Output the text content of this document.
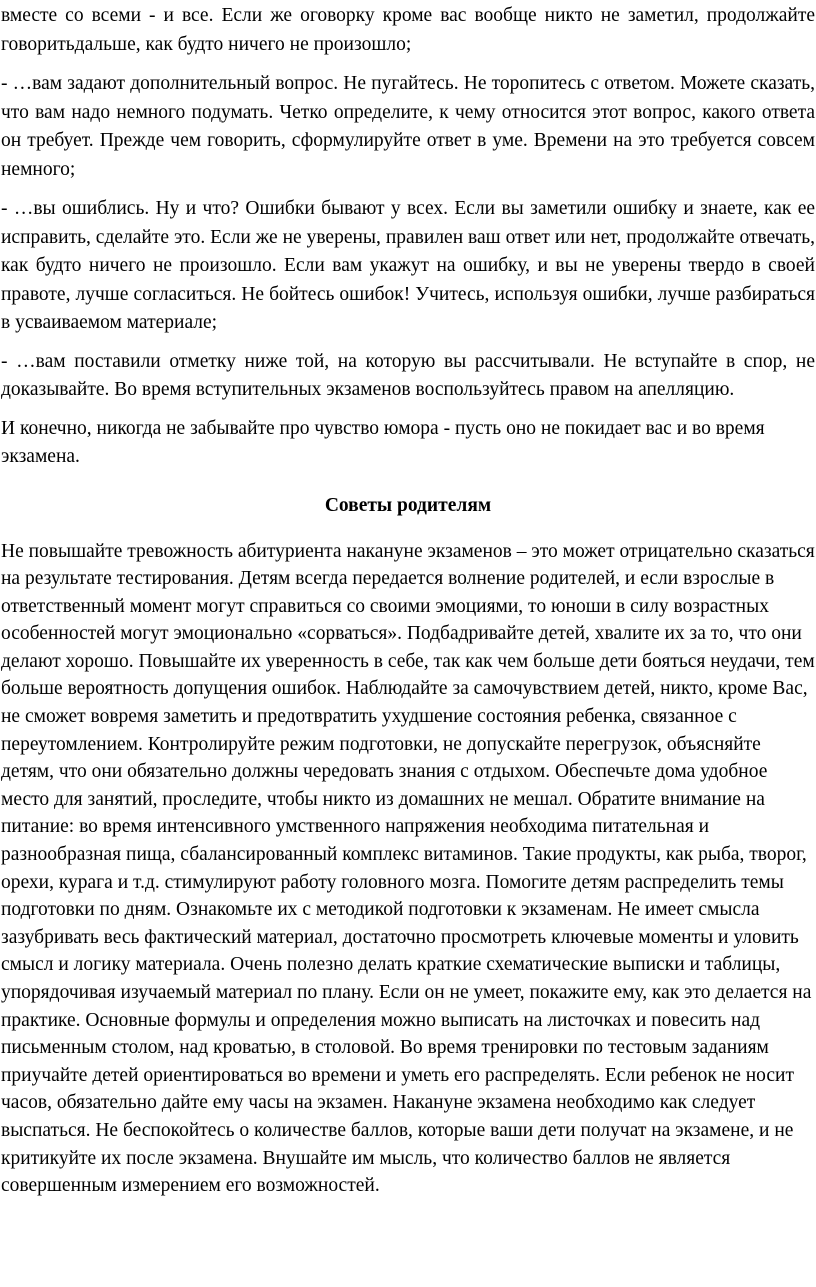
вместе со всеми - и все. Если же оговорку кроме вас вообще никто не заметил, продолжайте говоритьдальше, как будто ничего не произошло;

- …вам задают дополнительный вопрос. Не пугайтесь. Не торопитесь с ответом. Можете сказать, что вам надо немного подумать. Четко определите, к чему относится этот вопрос, какого ответа он требует. Прежде чем говорить, сформулируйте ответ в уме. Времени на это требуется совсем немного;

- …вы ошиблись. Ну и что? Ошибки бывают у всех. Если вы заметили ошибку и знаете, как ее исправить, сделайте это. Если же не уверены, правилен ваш ответ или нет, продолжайте отвечать, как будто ничего не произошло. Если вам укажут на ошибку, и вы не уверены твердо в своей правоте, лучше согласиться. Не бойтесь ошибок! Учитесь, используя ошибки, лучше разбираться в усваиваемом материале;

- …вам поставили отметку ниже той, на которую вы рассчитывали. Не вступайте в спор, не доказывайте. Во время вступительных экзаменов воспользуйтесь правом на апелляцию.

И конечно, никогда не забывайте про чувство юмора - пусть оно не покидает вас и во время экзамена.

Советы родителям

Не повышайте тревожность абитуриента накануне экзаменов – это может отрицательно сказаться на результате тестирования. Детям всегда передается волнение родителей, и если взрослые в ответственный момент могут справиться со своими эмоциями, то юноши в силу возрастных особенностей могут эмоционально «сорваться». Подбадривайте детей, хвалите их за то, что они делают хорошо. Повышайте их уверенность в себе, так как чем больше дети бояться неудачи, тем больше вероятность допущения ошибок. Наблюдайте за самочувствием детей, никто, кроме Вас, не сможет вовремя заметить и предотвратить ухудшение состояния ребенка, связанное с переутомлением. Контролируйте режим подготовки, не допускайте перегрузок, объясняйте детям, что они обязательно должны чередовать знания с отдыхом. Обеспечьте дома удобное место для занятий, проследите, чтобы никто из домашних не мешал. Обратите внимание на питание: во время интенсивного умственного напряжения необходима питательная и разнообразная пища, сбалансированный комплекс витаминов. Такие продукты, как рыба, творог, орехи, курага и т.д. стимулируют работу головного мозга. Помогите детям распределить темы подготовки по дням. Ознакомьте их с методикой подготовки к экзаменам. Не имеет смысла зазубривать весь фактический материал, достаточно просмотреть ключевые моменты и уловить смысл и логику материала. Очень полезно делать краткие схематические выписки и таблицы, упорядочивая изучаемый материал по плану. Если он не умеет, покажите ему, как это делается на практике. Основные формулы и определения можно выписать на листочках и повесить над письменным столом, над кроватью, в столовой. Во время тренировки по тестовым заданиям приучайте детей ориентироваться во времени и уметь его распределять. Если ребенок не носит часов, обязательно дайте ему часы на экзамен. Накануне экзамена необходимо как следует выспаться. Не беспокойтесь о количестве баллов, которые ваши дети получат на экзамене, и не критикуйте их после экзамена. Внушайте им мысль, что количество баллов не является совершенным измерением его возможностей.
